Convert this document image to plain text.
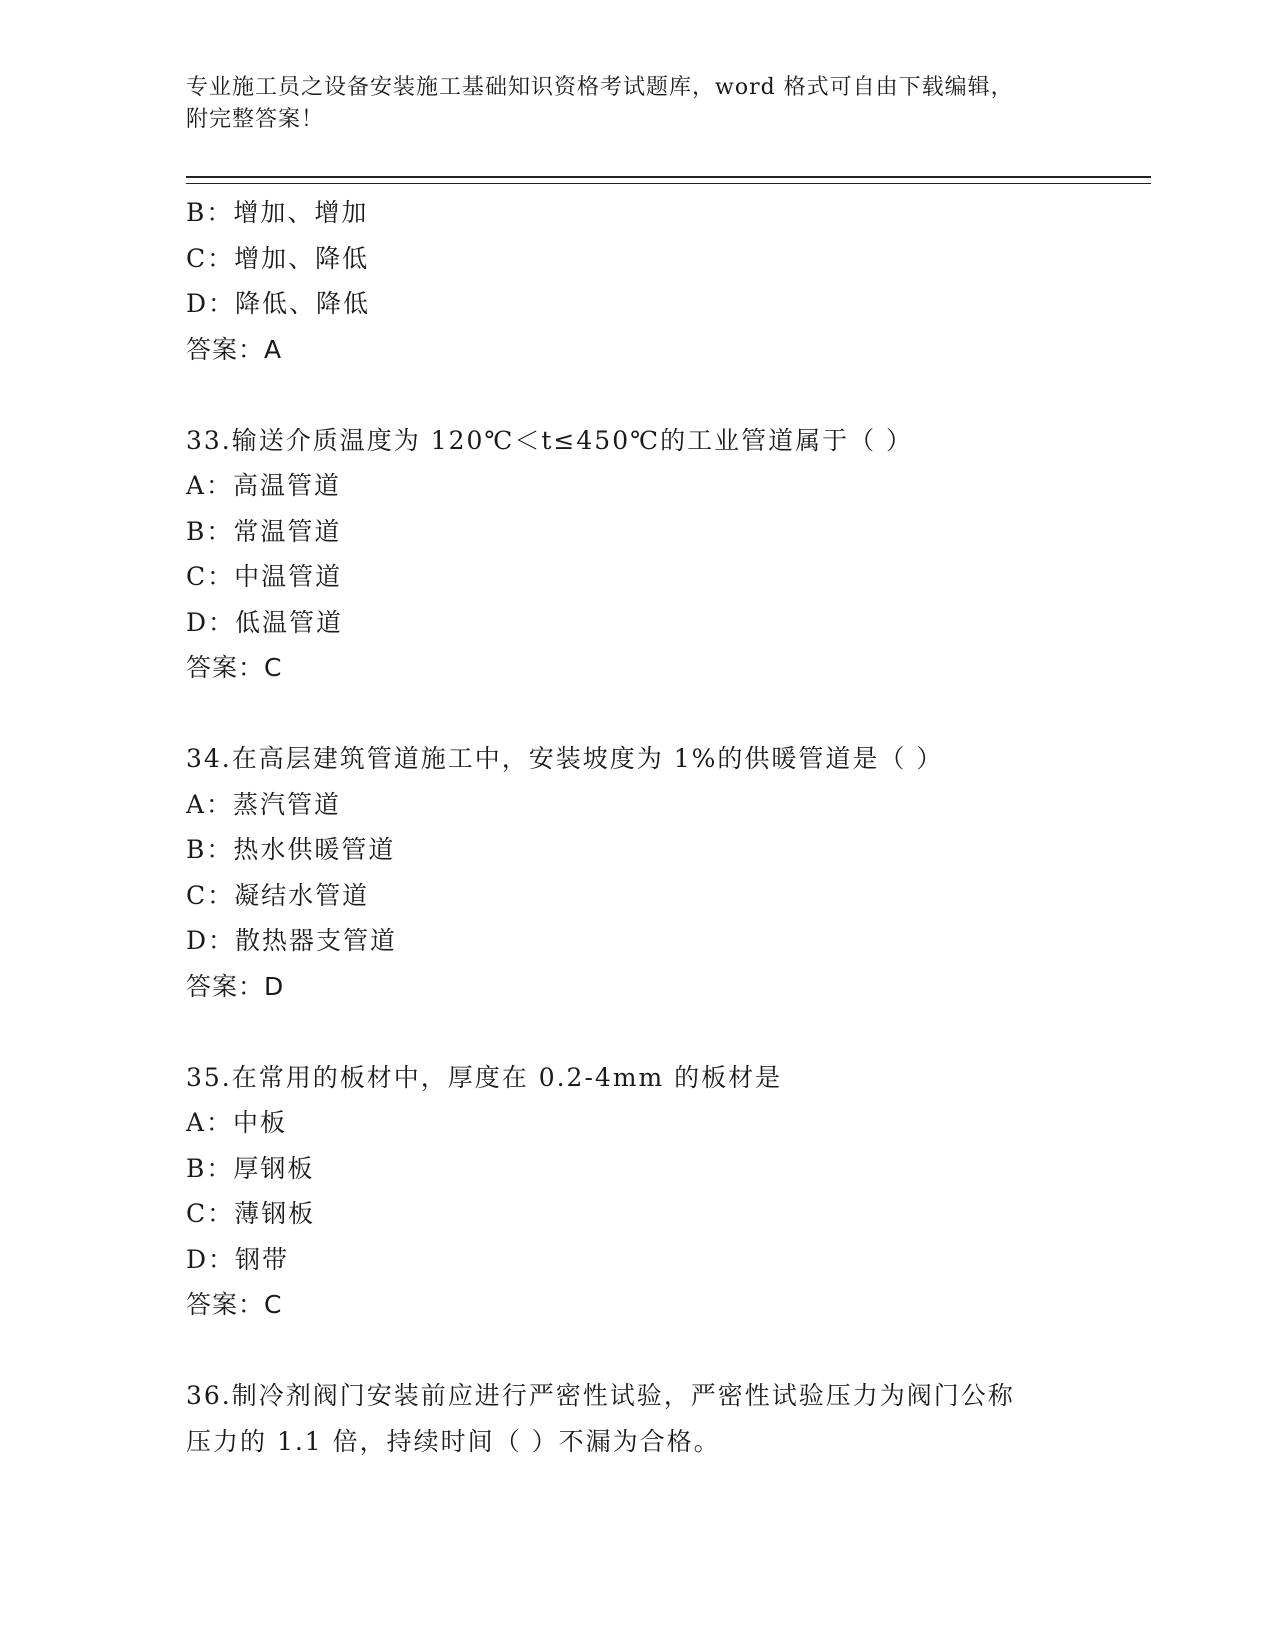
专业施工员之设备安装施工基础知识资格考试题库，word 格式可自由下载编辑，
附完整答案！
B：增加、增加
C：增加、降低
D：降低、降低
答案：A
33.输送介质温度为 120℃＜t≤450℃的工业管道属于（ ）
A：高温管道
B：常温管道
C：中温管道
D：低温管道
答案：C
34.在高层建筑管道施工中，安装坡度为 1%的供暖管道是（ ）
A：蒸汽管道
B：热水供暖管道
C：凝结水管道
D：散热器支管道
答案：D
35.在常用的板材中，厚度在 0.2-4mm 的板材是
A：中板
B：厚钢板
C：薄钢板
D：钢带
答案：C
36.制冷剂阀门安装前应进行严密性试验，严密性试验压力为阀门公称
压力的 1.1 倍，持续时间（ ）不漏为合格。
